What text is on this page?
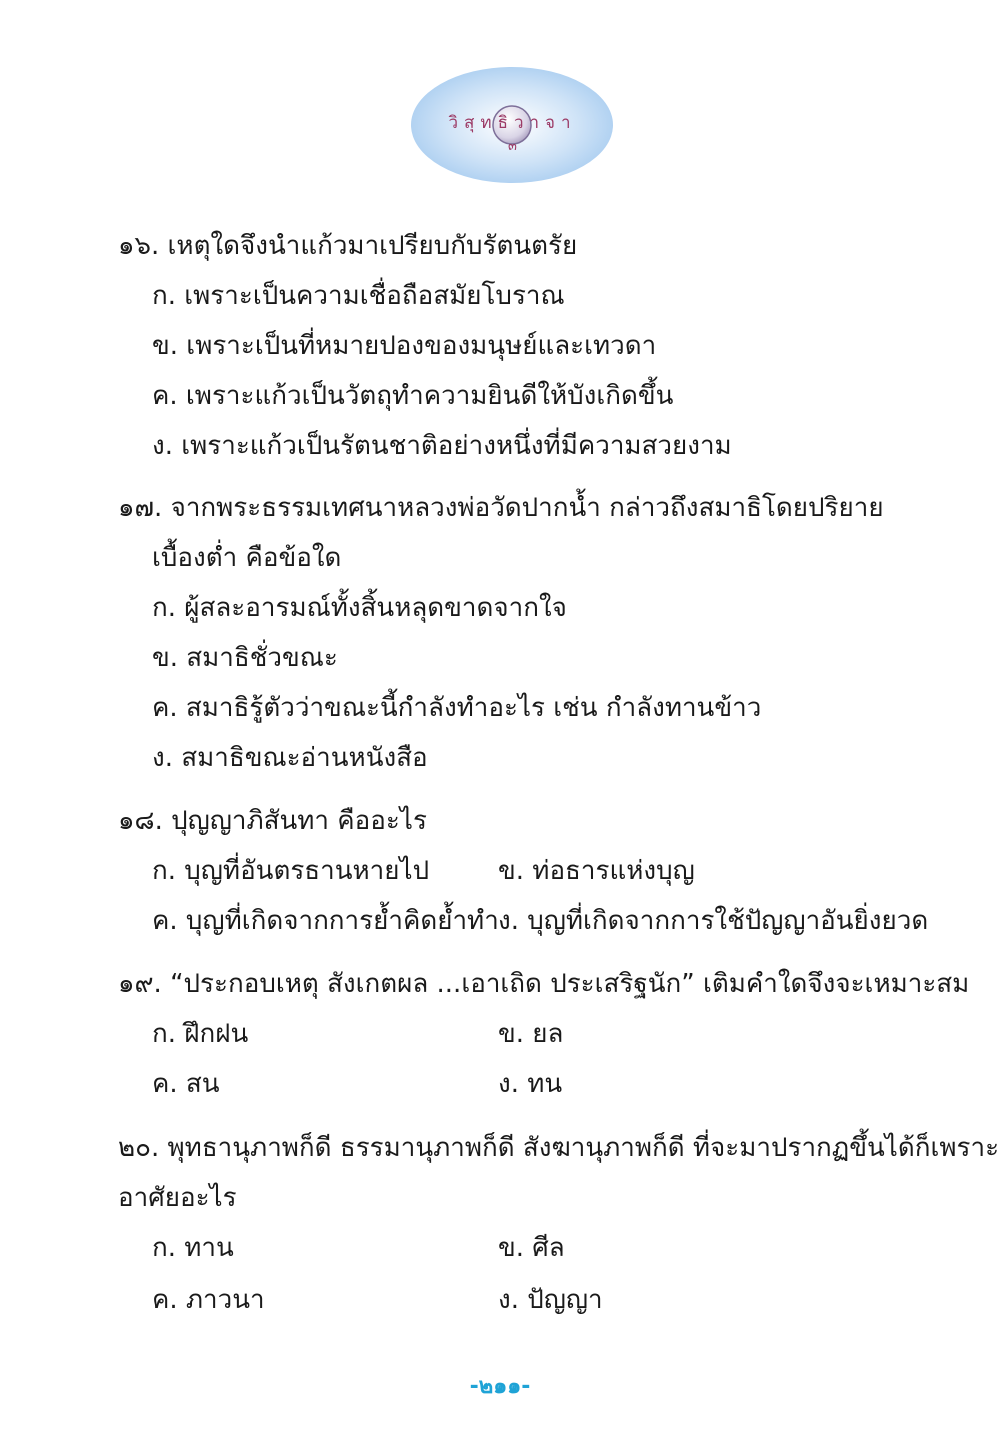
วิสุทธิวาจา
๓
๑๖. เหตุใดจึงนำแก้วมาเปรียบกับรัตนตรัย
ก. เพราะเป็นความเชื่อถือสมัยโบราณ
ข. เพราะเป็นที่หมายปองของมนุษย์และเทวดา
ค. เพราะแก้วเป็นวัตถุทำความยินดีให้บังเกิดขึ้น
ง. เพราะแก้วเป็นรัตนชาติอย่างหนึ่งที่มีความสวยงาม
๑๗. จากพระธรรมเทศนาหลวงพ่อวัดปากน้ำ กล่าวถึงสมาธิโดยปริยาย
เบื้องต่ำ คือข้อใด
ก. ผู้สละอารมณ์ทั้งสิ้นหลุดขาดจากใจ
ข. สมาธิชั่วขณะ
ค. สมาธิรู้ตัวว่าขณะนี้กำลังทำอะไร เช่น กำลังทานข้าว
ง. สมาธิขณะอ่านหนังสือ
๑๘. ปุญญาภิสันทา คืออะไร
ก. บุญที่อันตรธานหายไป	ข. ท่อธารแห่งบุญ
ค. บุญที่เกิดจากการย้ำคิดย้ำทำ ง. บุญที่เกิดจากการใช้ปัญญาอันยิ่งยวด
๑๙. “ประกอบเหตุ สังเกตผล ...เอาเถิด ประเสริฐนัก” เติมคำใดจึงจะเหมาะสม
ก. ฝึกฝน	ข. ยล
ค. สน	ง. ทน
๒๐. พุทธานุภาพก็ดี ธรรมานุภาพก็ดี สังฆานุภาพก็ดี ที่จะมาปรากฏขึ้นได้ก็เพราะ
อาศัยอะไร
ก. ทาน	ข. ศีล
ค. ภาวนา	ง. ปัญญา
-๒๑๑-
